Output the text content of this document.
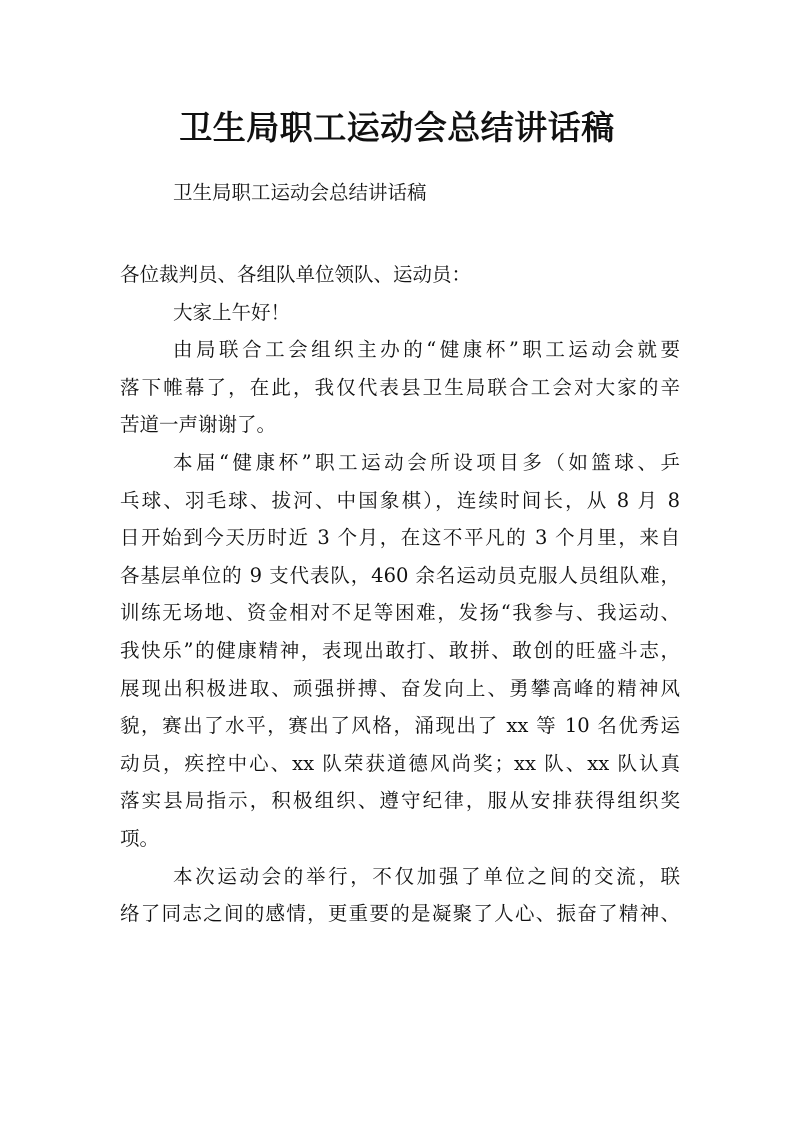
卫生局职工运动会总结讲话稿

卫生局职工运动会总结讲话稿

各位裁判员、各组队单位领队、运动员：

大家上午好！

由局联合工会组织主办的“健康杯”职工运动会就要
落下帷幕了，在此，我仅代表县卫生局联合工会对大家的辛
苦道一声谢谢了。

本届“健康杯”职工运动会所设项目多（如篮球、乒
乓球、羽毛球、拔河、中国象棋），连续时间长，从 8 月 8
日开始到今天历时近 3 个月，在这不平凡的 3 个月里，来自
各基层单位的 9 支代表队，460 余名运动员克服人员组队难，
训练无场地、资金相对不足等困难，发扬“我参与、我运动、
我快乐”的健康精神，表现出敢打、敢拼、敢创的旺盛斗志，
展现出积极进取、顽强拼搏、奋发向上、勇攀高峰的精神风
貌，赛出了水平，赛出了风格，涌现出了 xx 等 10 名优秀运
动员，疾控中心、xx 队荣获道德风尚奖；xx 队、xx 队认真
落实县局指示，积极组织、遵守纪律，服从安排获得组织奖
项。

本次运动会的举行，不仅加强了单位之间的交流，联
络了同志之间的感情，更重要的是凝聚了人心、振奋了精神、
